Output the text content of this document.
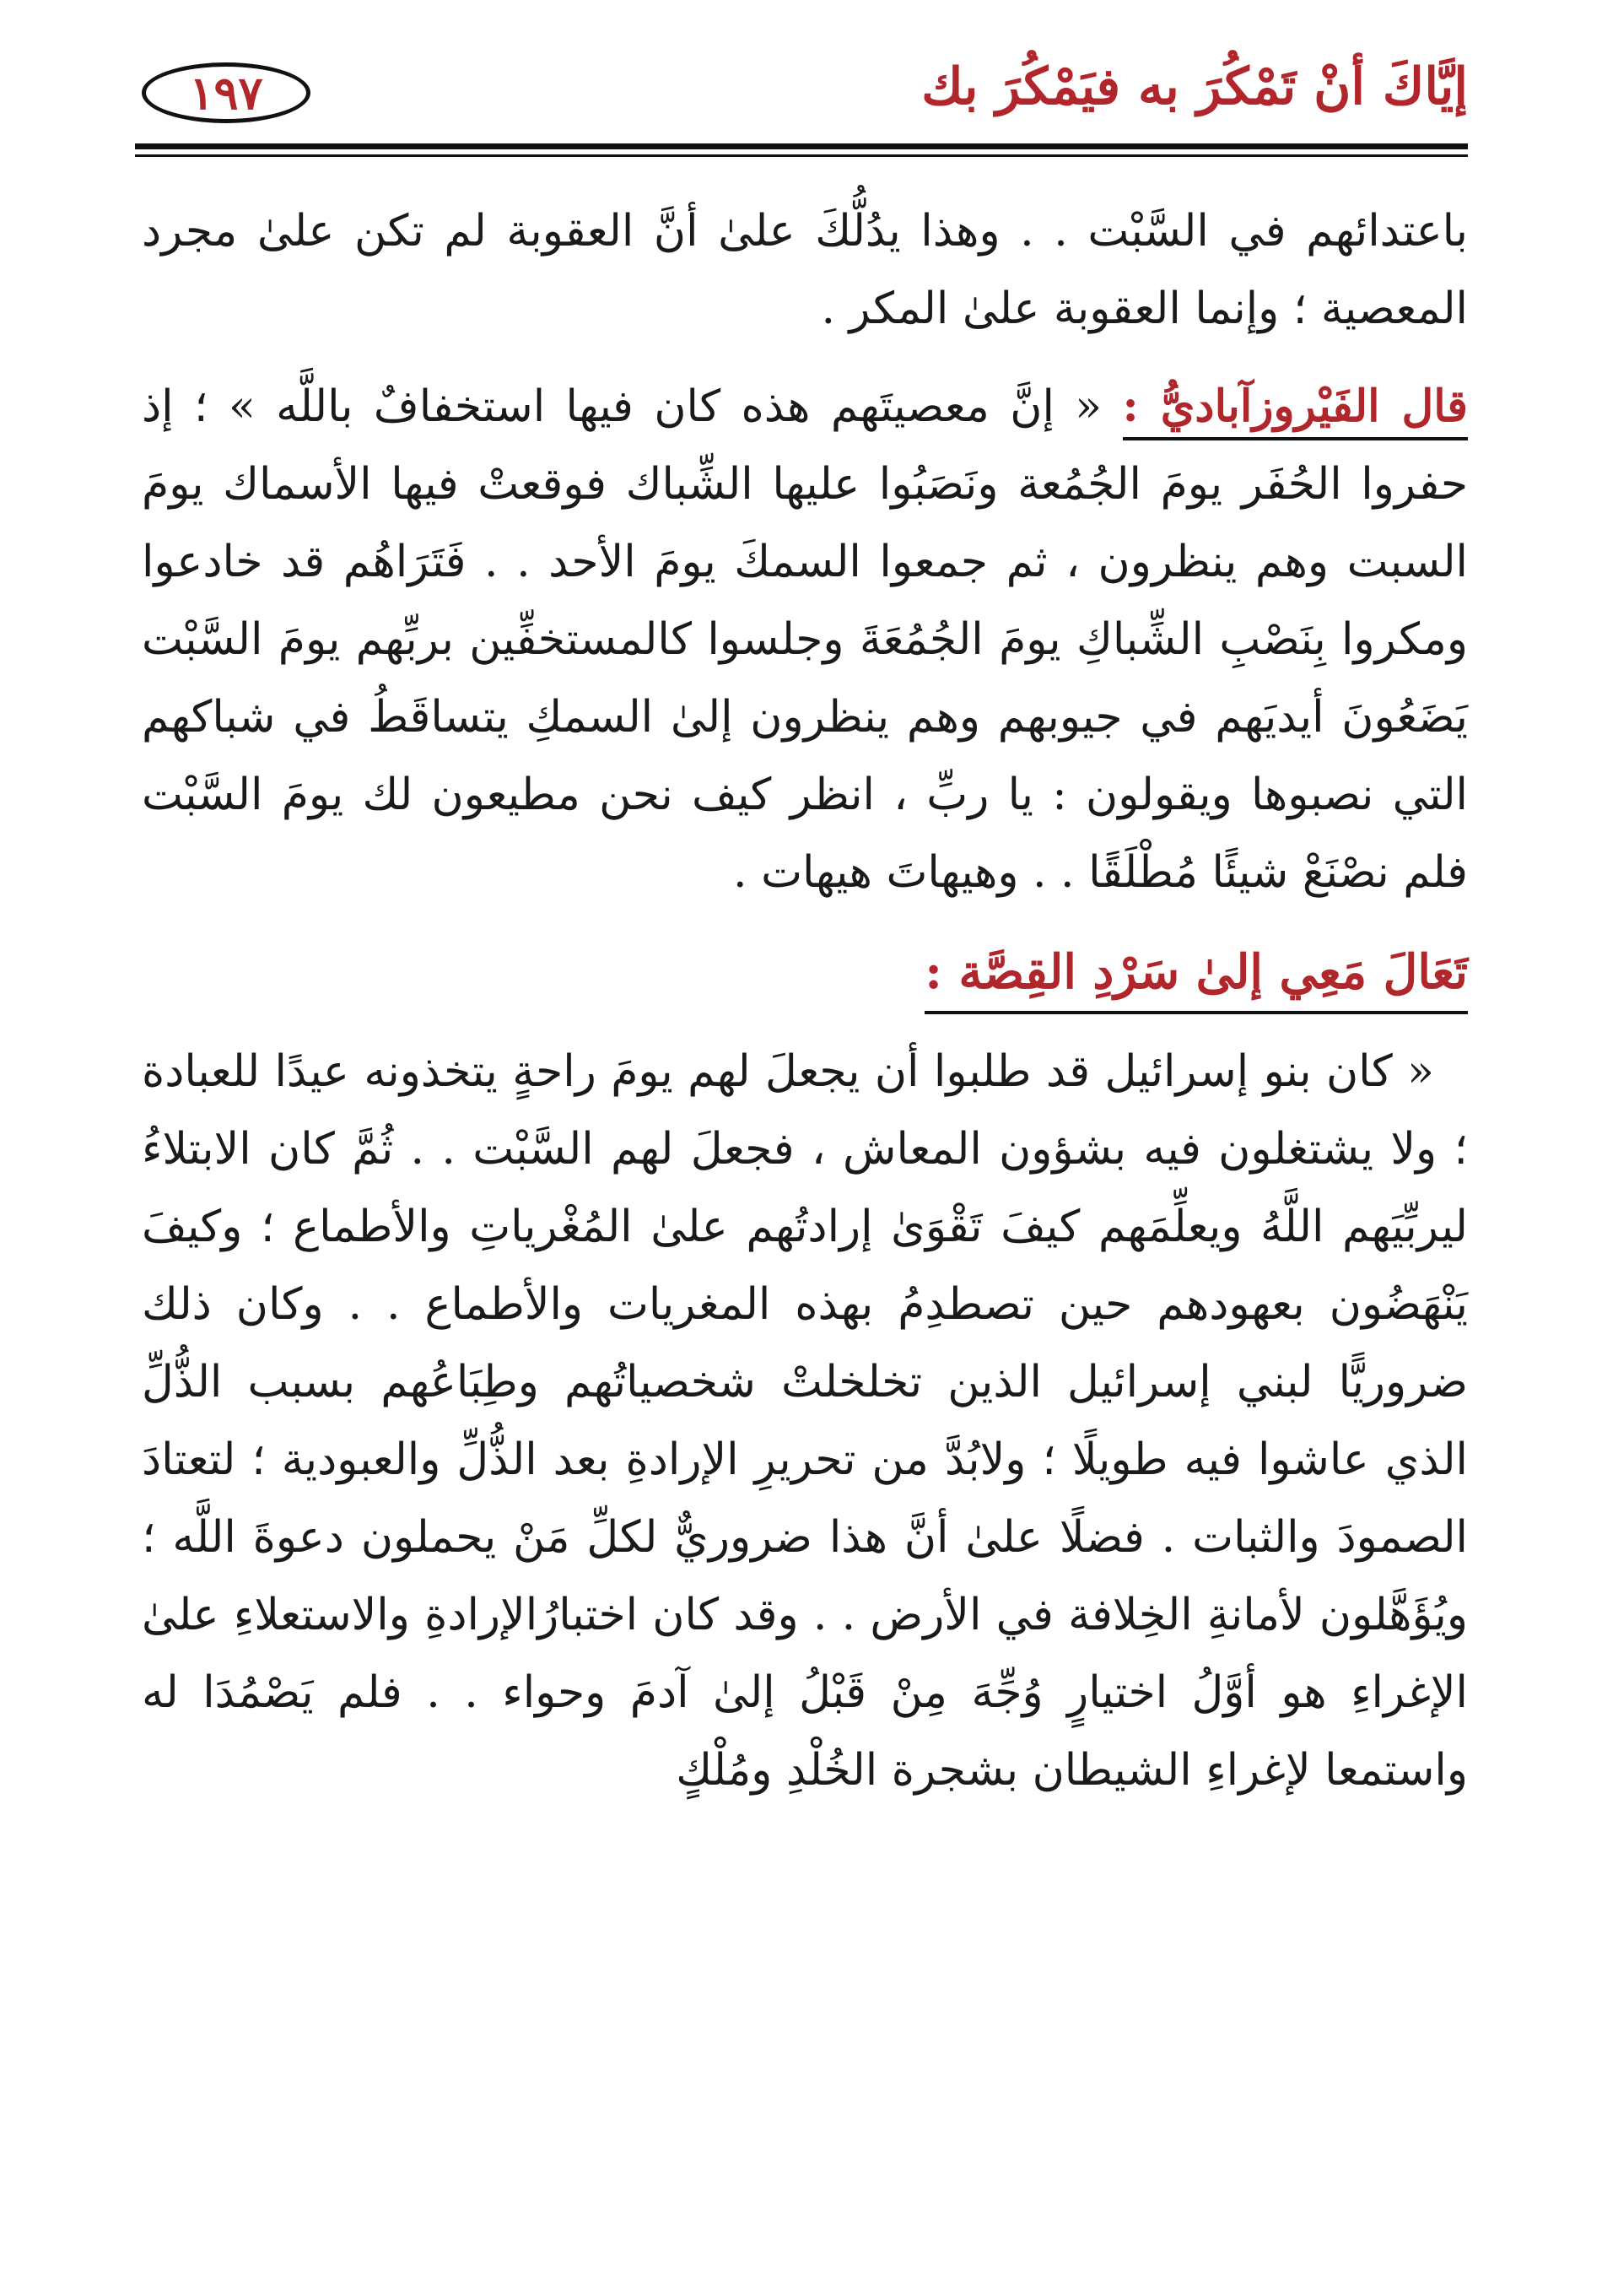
إيَّاكَ أنْ تَمْكُرَ به فيَمْكُرَ بك
١٩٧

باعتدائهم في السَّبْت . . وهذا يدُلُّكَ علىٰ أنَّ العقوبة لم تكن علىٰ مجرد المعصية ؛ وإنما العقوبة علىٰ المكر .

قال الفَيْروزآباديُّ : « إنَّ معصيتَهم هذه كان فيها استخفافٌ باللَّه » ؛ إذ حفروا الحُفَر يومَ الجُمُعة ونَصَبُوا عليها الشِّباك فوقعتْ فيها الأسماك يومَ السبت وهم ينظرون ، ثم جمعوا السمكَ يومَ الأحد . . فَتَرَاهُم قد خادعوا ومكروا بِنَصْبِ الشِّباكِ يومَ الجُمُعَةَ وجلسوا كالمستخفِّين بربِّهم يومَ السَّبْت يَضَعُونَ أيديَهم في جيوبهم وهم ينظرون إلىٰ السمكِ يتساقَطُ في شباكهم التي نصبوها ويقولون : يا ربِّ ، انظر كيف نحن مطيعون لك يومَ السَّبْت فلم نصْنَعْ شيئًا مُطْلَقًا . . وهيهاتَ هيهات .

تَعَالَ مَعِي إلىٰ سَرْدِ القِصَّة :

« كان بنو إسرائيل قد طلبوا أن يجعلَ لهم يومَ راحةٍ يتخذونه عيدًا للعبادة ؛ ولا يشتغلون فيه بشؤون المعاش ، فجعلَ لهم السَّبْت . . ثُمَّ كان الابتلاءُ ليربِّيَهم اللَّهُ ويعلِّمَهم كيفَ تَقْوَىٰ إرادتُهم علىٰ المُغْرياتِ والأطماع ؛ وكيفَ يَنْهَضُون بعهودهم حين تصطدِمُ بهذه المغريات والأطماع . . وكان ذلك ضروريًّا لبني إسرائيل الذين تخلخلتْ شخصياتُهم وطِبَاعُهم بسبب الذُّلِّ الذي عاشوا فيه طويلًا ؛ ولابُدَّ من تحريرِ الإرادةِ بعد الذُّلِّ والعبودية ؛ لتعتادَ الصمودَ والثبات . فضلًا علىٰ أنَّ هذا ضروريٌّ لكلِّ مَنْ يحملون دعوةَ اللَّه ؛ ويُؤَهَّلون لأمانةِ الخِلافة في الأرض . . وقد كان اختبارُالإرادةِ والاستعلاءِ علىٰ الإغراءِ هو أوَّلُ اختيارٍ وُجِّهَ مِنْ قَبْلُ إلىٰ آدمَ وحواء . . فلم يَصْمُدَا له واستمعا لإغراءِ الشيطان بشجرة الخُلْدِ ومُلْكٍ
